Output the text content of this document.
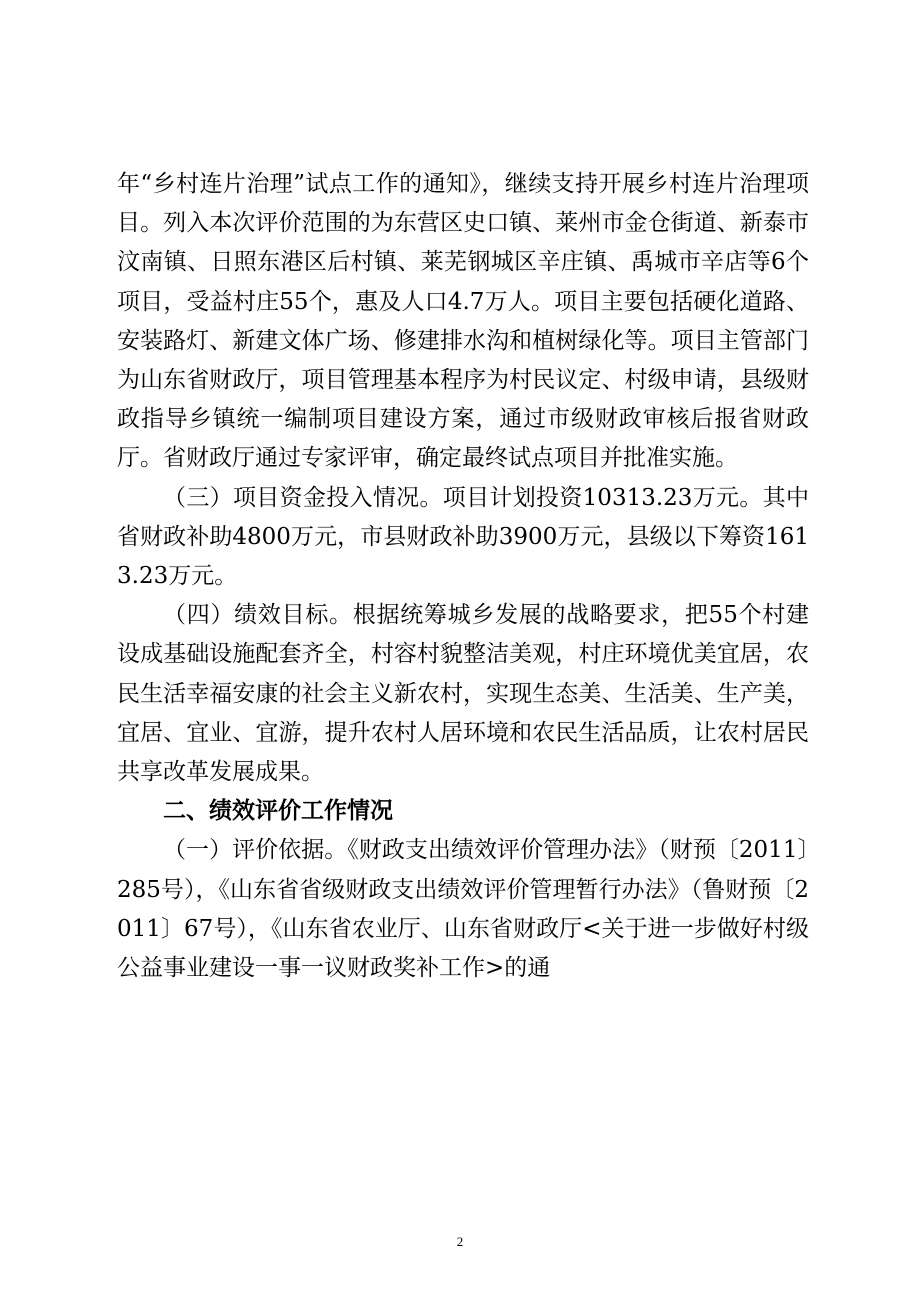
年“乡村连片治理”试点工作的通知》，继续支持开展乡村连片治理项目。列入本次评价范围的为东营区史口镇、莱州市金仓街道、新泰市汶南镇、日照东港区后村镇、莱芜钢城区辛庄镇、禹城市辛店等6个项目，受益村庄55个，惠及人口4.7万人。项目主要包括硬化道路、安装路灯、新建文体广场、修建排水沟和植树绿化等。项目主管部门为山东省财政厅，项目管理基本程序为村民议定、村级申请，县级财政指导乡镇统一编制项目建设方案，通过市级财政审核后报省财政厅。省财政厅通过专家评审，确定最终试点项目并批准实施。

（三）项目资金投入情况。项目计划投资10313.23万元。其中省财政补助4800万元，市县财政补助3900万元，县级以下筹资1613.23万元。

（四）绩效目标。根据统筹城乡发展的战略要求，把55个村建设成基础设施配套齐全，村容村貌整洁美观，村庄环境优美宜居，农民生活幸福安康的社会主义新农村，实现生态美、生活美、生产美，宜居、宜业、宜游，提升农村人居环境和农民生活品质，让农村居民共享改革发展成果。

二、绩效评价工作情况

（一）评价依据。《财政支出绩效评价管理办法》（财预〔2011〕285号），《山东省省级财政支出绩效评价管理暂行办法》（鲁财预〔2011〕67号），《山东省农业厅、山东省财政厅<关于进一步做好村级公益事业建设一事一议财政奖补工作>的通

2
